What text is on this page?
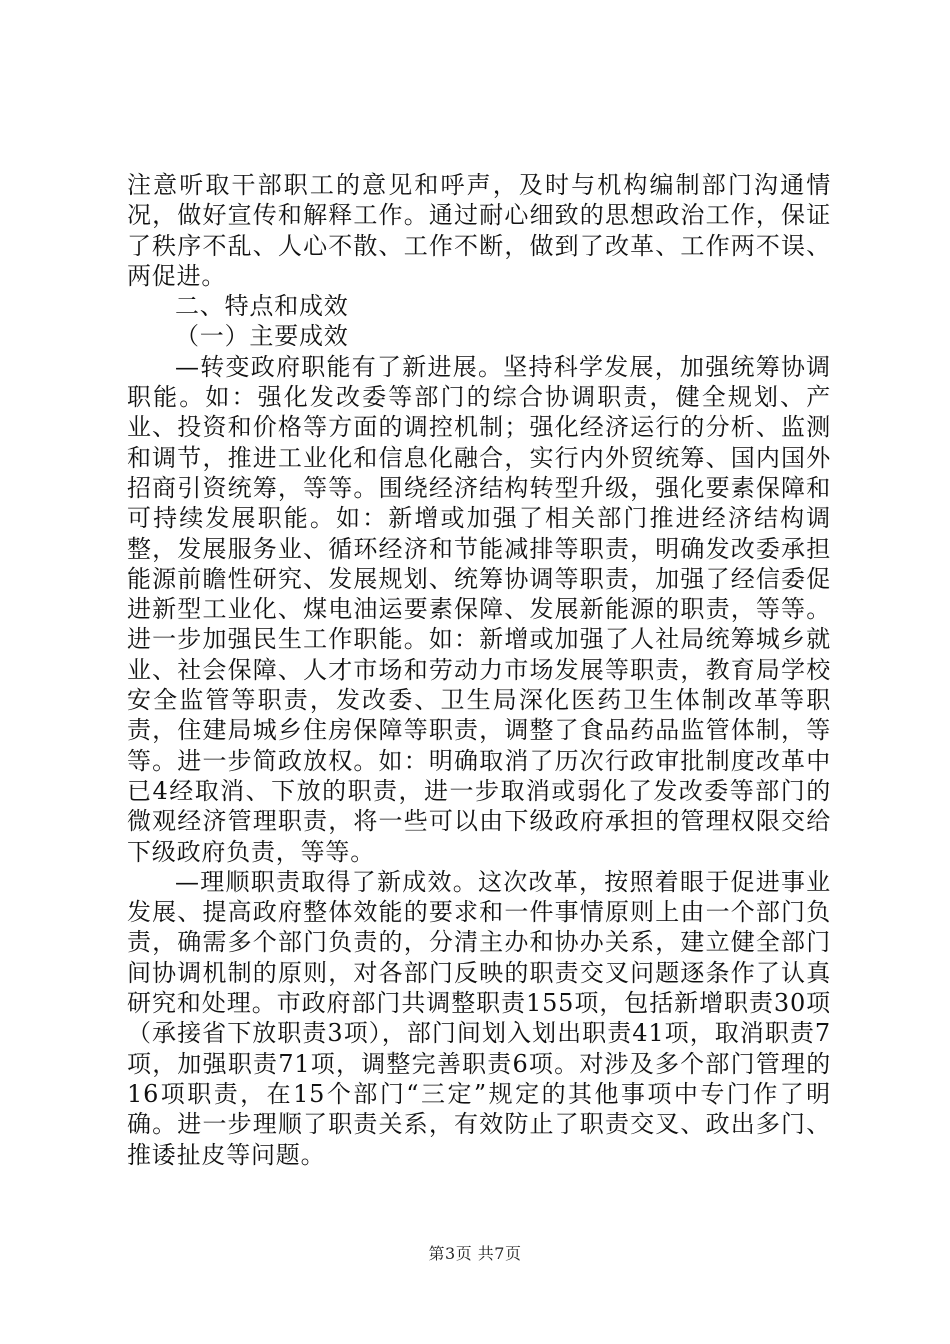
注意听取干部职工的意见和呼声，及时与机构编制部门沟通情况，做好宣传和解释工作。通过耐心细致的思想政治工作，保证了秩序不乱、人心不散、工作不断，做到了改革、工作两不误、两促进。

二、特点和成效

（一）主要成效

—转变政府职能有了新进展。坚持科学发展，加强统筹协调职能。如：强化发改委等部门的综合协调职责，健全规划、产业、投资和价格等方面的调控机制；强化经济运行的分析、监测和调节，推进工业化和信息化融合，实行内外贸统筹、国内国外招商引资统筹，等等。围绕经济结构转型升级，强化要素保障和可持续发展职能。如：新增或加强了相关部门推进经济结构调整，发展服务业、循环经济和节能减排等职责，明确发改委承担能源前瞻性研究、发展规划、统筹协调等职责，加强了经信委促进新型工业化、煤电油运要素保障、发展新能源的职责，等等。进一步加强民生工作职能。如：新增或加强了人社局统筹城乡就业、社会保障、人才市场和劳动力市场发展等职责，教育局学校安全监管等职责，发改委、卫生局深化医药卫生体制改革等职责，住建局城乡住房保障等职责，调整了食品药品监管体制，等等。进一步简政放权。如：明确取消了历次行政审批制度改革中已4经取消、下放的职责，进一步取消或弱化了发改委等部门的微观经济管理职责，将一些可以由下级政府承担的管理权限交给下级政府负责，等等。

—理顺职责取得了新成效。这次改革，按照着眼于促进事业发展、提高政府整体效能的要求和一件事情原则上由一个部门负责，确需多个部门负责的，分清主办和协办关系，建立健全部门间协调机制的原则，对各部门反映的职责交叉问题逐条作了认真研究和处理。市政府部门共调整职责155项，包括新增职责30项（承接省下放职责3项），部门间划入划出职责41项，取消职责7项，加强职责71项，调整完善职责6项。对涉及多个部门管理的16项职责，在15个部门“三定”规定的其他事项中专门作了明确。进一步理顺了职责关系，有效防止了职责交叉、政出多门、推诿扯皮等问题。

第3页 共7页
